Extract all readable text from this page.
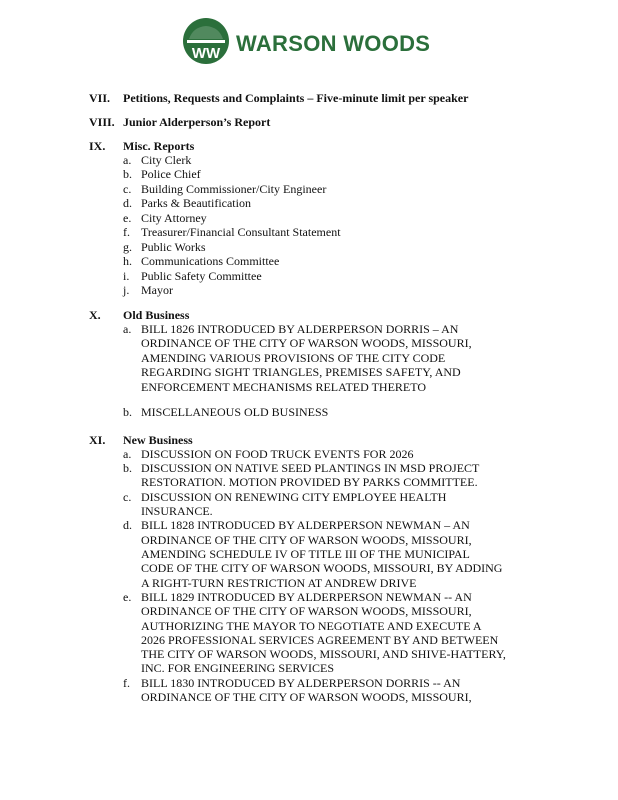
WW WARSON WOODS
VII. Petitions, Requests and Complaints – Five-minute limit per speaker
VIII. Junior Alderperson’s Report
IX. Misc. Reports
a. City Clerk
b. Police Chief
c. Building Commissioner/City Engineer
d. Parks & Beautification
e. City Attorney
f. Treasurer/Financial Consultant Statement
g. Public Works
h. Communications Committee
i. Public Safety Committee
j. Mayor
X. Old Business
a. BILL 1826 INTRODUCED BY ALDERPERSON DORRIS – AN
ORDINANCE OF THE CITY OF WARSON WOODS, MISSOURI,
AMENDING VARIOUS PROVISIONS OF THE CITY CODE
REGARDING SIGHT TRIANGLES, PREMISES SAFETY, AND
ENFORCEMENT MECHANISMS RELATED THERETO
b. MISCELLANEOUS OLD BUSINESS
XI. New Business
a. DISCUSSION ON FOOD TRUCK EVENTS FOR 2026
b. DISCUSSION ON NATIVE SEED PLANTINGS IN MSD PROJECT
RESTORATION. MOTION PROVIDED BY PARKS COMMITTEE.
c. DISCUSSION ON RENEWING CITY EMPLOYEE HEALTH
INSURANCE.
d. BILL 1828 INTRODUCED BY ALDERPERSON NEWMAN – AN
ORDINANCE OF THE CITY OF WARSON WOODS, MISSOURI,
AMENDING SCHEDULE IV OF TITLE III OF THE MUNICIPAL
CODE OF THE CITY OF WARSON WOODS, MISSOURI, BY ADDING
A RIGHT-TURN RESTRICTION AT ANDREW DRIVE
e. BILL 1829 INTRODUCED BY ALDERPERSON NEWMAN -- AN
ORDINANCE OF THE CITY OF WARSON WOODS, MISSOURI,
AUTHORIZING THE MAYOR TO NEGOTIATE AND EXECUTE A
2026 PROFESSIONAL SERVICES AGREEMENT BY AND BETWEEN
THE CITY OF WARSON WOODS, MISSOURI, AND SHIVE-HATTERY,
INC. FOR ENGINEERING SERVICES
f. BILL 1830 INTRODUCED BY ALDERPERSON DORRIS -- AN
ORDINANCE OF THE CITY OF WARSON WOODS, MISSOURI,
